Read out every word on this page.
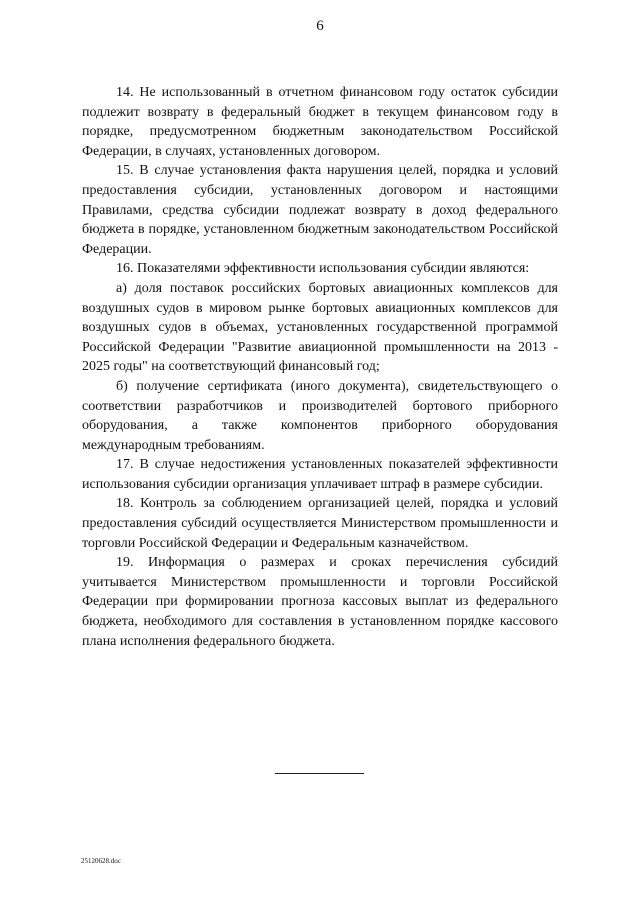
6

14. Не использованный в отчетном финансовом году остаток субсидии подлежит возврату в федеральный бюджет в текущем финансовом году в порядке, предусмотренном бюджетным законодательством Российской Федерации, в случаях, установленных договором.

15. В случае установления факта нарушения целей, порядка и условий предоставления субсидии, установленных договором и настоящими Правилами, средства субсидии подлежат возврату в доход федерального бюджета в порядке, установленном бюджетным законодательством Российской Федерации.

16. Показателями эффективности использования субсидии являются:

а) доля поставок российских бортовых авиационных комплексов для воздушных судов в мировом рынке бортовых авиационных комплексов для воздушных судов в объемах, установленных государственной программой Российской Федерации "Развитие авиационной промышленности на 2013 - 2025 годы" на соответствующий финансовый год;

б) получение сертификата (иного документа), свидетельствующего о соответствии разработчиков и производителей бортового приборного оборудования, а также компонентов приборного оборудования международным требованиям.

17. В случае недостижения установленных показателей эффективности использования субсидии организация уплачивает штраф в размере субсидии.

18. Контроль за соблюдением организацией целей, порядка и условий предоставления субсидий осуществляется Министерством промышленности и торговли Российской Федерации и Федеральным казначейством.

19. Информация о размерах и сроках перечисления субсидий учитывается Министерством промышленности и торговли Российской Федерации при формировании прогноза кассовых выплат из федерального бюджета, необходимого для составления в установленном порядке кассового плана исполнения федерального бюджета.

25120628.doc
